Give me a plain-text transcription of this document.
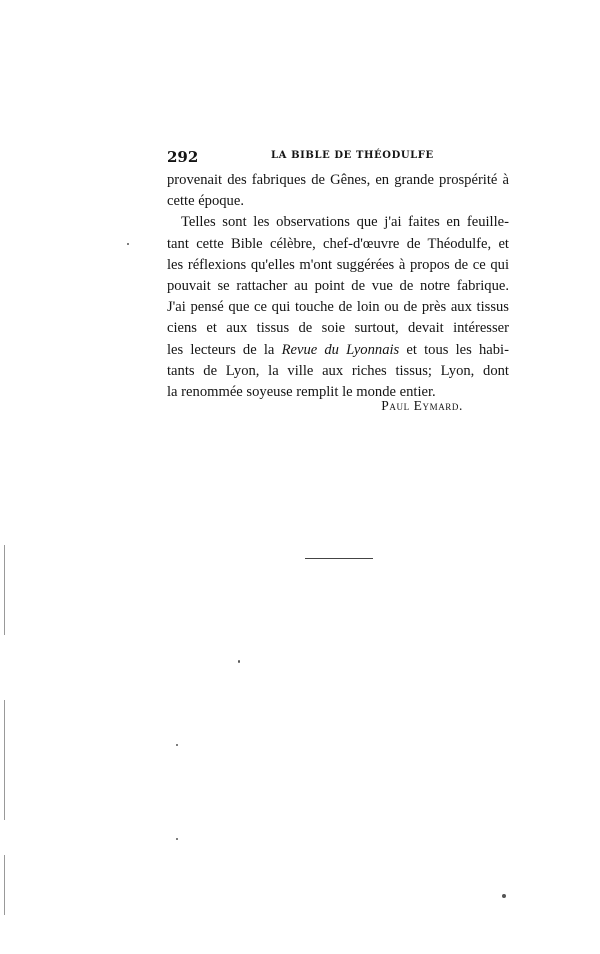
292	LA BIBLE DE THÉODULFE
provenait des fabriques de Gênes, en grande prospérité à
cette époque.
Telles sont les observations que j'ai faites en feuille-
tant cette Bible célèbre, chef-d'œuvre de Théodulfe, et
les réflexions qu'elles m'ont suggérées à propos de ce qui
pouvait se rattacher au point de vue de notre fabrique.
J'ai pensé que ce qui touche de loin ou de près aux tissus
ciens et aux tissus de soie surtout, devait intéresser
les lecteurs de la Revue du Lyonnais et tous les habi-
tants de Lyon, la ville aux riches tissus; Lyon, dont
la renommée soyeuse remplit le monde entier.
Paul Eymard.
